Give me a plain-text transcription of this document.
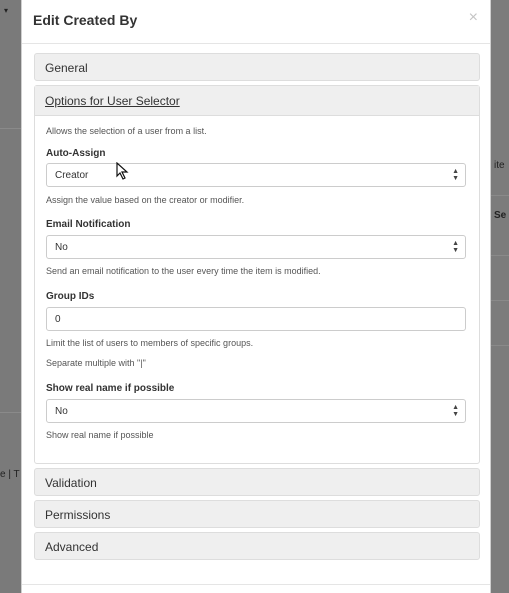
▾
e | T
ite
Se
Edit Created By	×
General
Options for User Selector
Allows the selection of a user from a list.
Auto-Assign
Creator	▲
▼
Assign the value based on the creator or modifier.
Email Notification
No	▲
▼
Send an email notification to the user every time the item is modified.
Group IDs
0
Limit the list of users to members of specific groups.
Separate multiple with "|"
Show real name if possible
No	▲
▼
Show real name if possible
Validation
Permissions
Advanced
